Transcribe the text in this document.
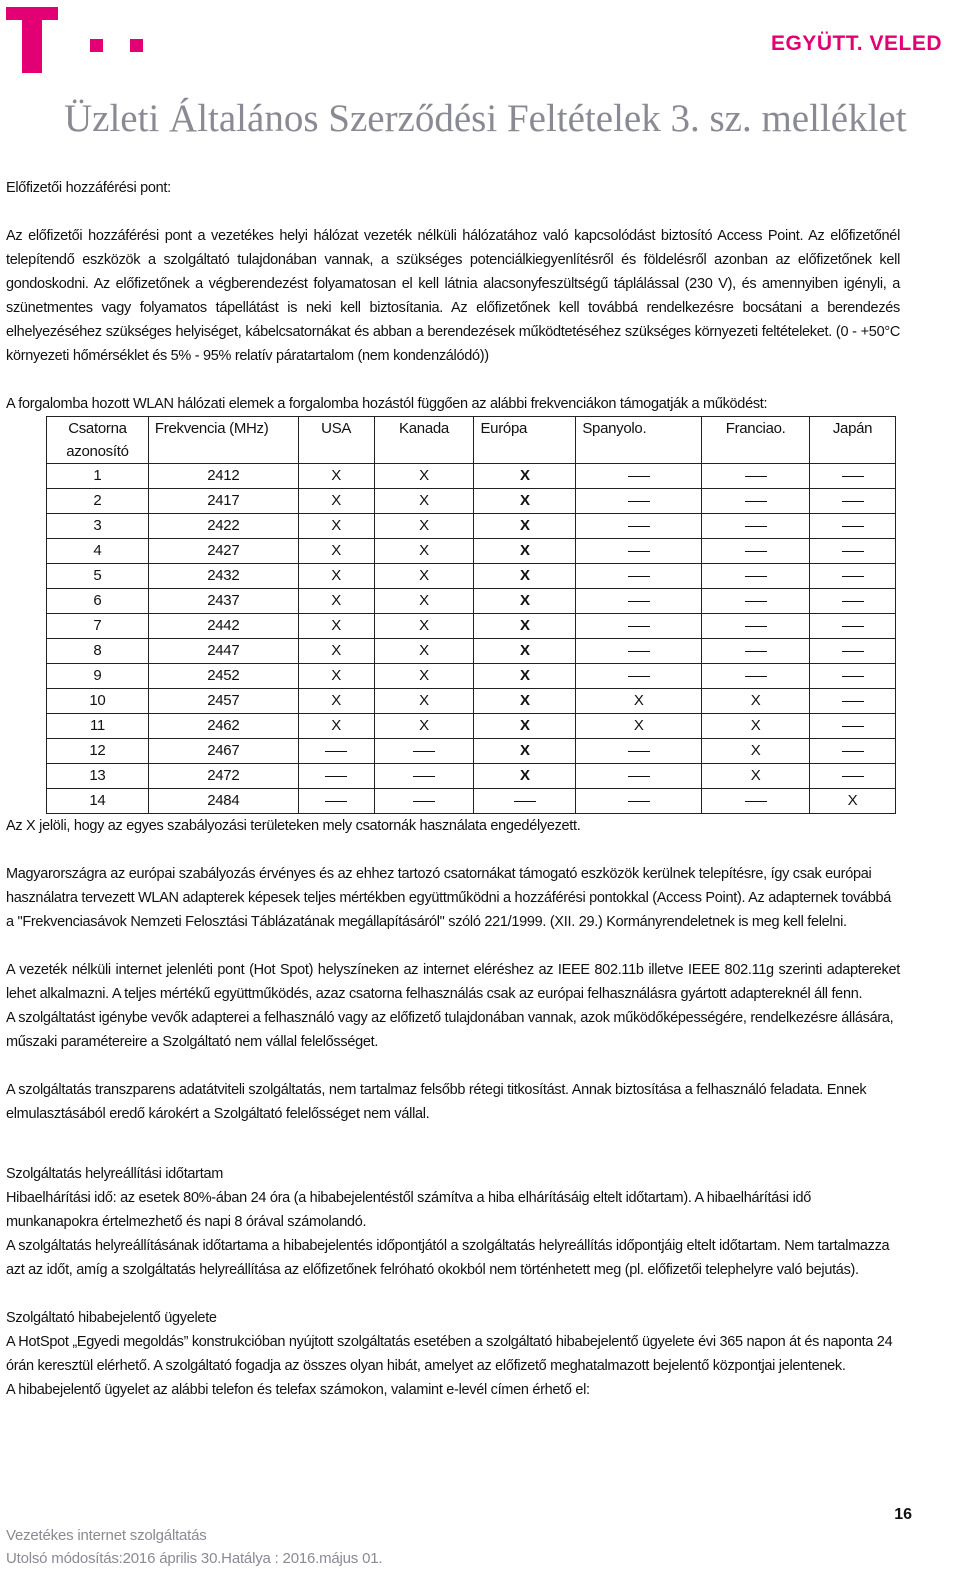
EGYÜTT. VELED
Üzleti Általános Szerződési Feltételek 3. sz. melléklet

Előfizetői hozzáférési pont:

Az előfizetői hozzáférési pont a vezetékes helyi hálózat vezeték nélküli hálózatához való kapcsolódást biztosító Access Point. Az előfizetőnél telepítendő eszközök a szolgáltató tulajdonában vannak, a szükséges potenciálkiegyenlítésről és földelésről azonban az előfizetőnek kell gondoskodni. Az előfizetőnek a végberendezést folyamatosan el kell látnia alacsonyfeszültségű táplálással (230 V), és amennyiben igényli, a szünetmentes vagy folyamatos tápellátást is neki kell biztosítania. Az előfizetőnek kell továbbá rendelkezésre bocsátani a berendezés elhelyezéséhez szükséges helyiséget, kábelcsatornákat és abban a berendezések működtetéséhez szükséges környezeti feltételeket. (0 - +50°C környezeti hőmérséklet és 5% - 95% relatív páratartalom (nem kondenzálódó))

A forgalomba hozott WLAN hálózati elemek a forgalomba hozástól függően az alábbi frekvenciákon támogatják a működést:

Csatorna azonosító	Frekvencia (MHz)	USA	Kanada	Európa	Spanyolo.	Franciao.	Japán
1	2412	X	X	X			
2	2417	X	X	X			
3	2422	X	X	X			
4	2427	X	X	X			
5	2432	X	X	X			
6	2437	X	X	X			
7	2442	X	X	X			
8	2447	X	X	X			
9	2452	X	X	X			
10	2457	X	X	X	X	X	
11	2462	X	X	X	X	X	
12	2467			X		X	
13	2472			X		X	
14	2484						X

Az X jelöli, hogy az egyes szabályozási területeken mely csatornák használata engedélyezett.

Magyarországra az európai szabályozás érvényes és az ehhez tartozó csatornákat támogató eszközök kerülnek telepítésre, így csak európai használatra tervezett WLAN adapterek képesek teljes mértékben együttműködni a hozzáférési pontokkal (Access Point). Az adapternek továbbá a "Frekvenciasávok Nemzeti Felosztási Táblázatának megállapításáról" szóló 221/1999. (XII. 29.) Kormányrendeletnek is meg kell felelni.

A vezeték nélküli internet jelenléti pont (Hot Spot) helyszíneken az internet eléréshez az IEEE 802.11b illetve IEEE 802.11g szerinti adaptereket lehet alkalmazni. A teljes mértékű együttműködés, azaz csatorna felhasználás csak az európai felhasználásra gyártott adaptereknél áll fenn.

A szolgáltatást igénybe vevők adapterei a felhasználó vagy az előfizető tulajdonában vannak, azok működőképességére, rendelkezésre állására, műszaki paramétereire a Szolgáltató nem vállal felelősséget.

A szolgáltatás transzparens adatátviteli szolgáltatás, nem tartalmaz felsőbb rétegi titkosítást. Annak biztosítása a felhasználó feladata. Ennek elmulasztásából eredő károkért a Szolgáltató felelősséget nem vállal.

Szolgáltatás helyreállítási időtartam

Hibaelhárítási idő: az esetek 80%-ában 24 óra (a hibabejelentéstől számítva a hiba elhárításáig eltelt időtartam). A hibaelhárítási idő munkanapokra értelmezhető és napi 8 órával számolandó.

A szolgáltatás helyreállításának időtartama a hibabejelentés időpontjától a szolgáltatás helyreállítás időpontjáig eltelt időtartam. Nem tartalmazza azt az időt, amíg a szolgáltatás helyreállítása az előfizetőnek felróható okokból nem történhetett meg (pl. előfizetői telephelyre való bejutás).

Szolgáltató hibabejelentő ügyelete

A HotSpot „Egyedi megoldás” konstrukcióban nyújtott szolgáltatás esetében a szolgáltató hibabejelentő ügyelete évi 365 napon át és naponta 24 órán keresztül elérhető. A szolgáltató fogadja az összes olyan hibát, amelyet az előfizető meghatalmazott bejelentő központjai jelentenek.

A hibabejelentő ügyelet az alábbi telefon és telefax számokon, valamint e-levél címen érhető el:

16
Vezetékes internet szolgáltatás
Utolsó módosítás:2016 április 30.Hatálya : 2016.május 01.
